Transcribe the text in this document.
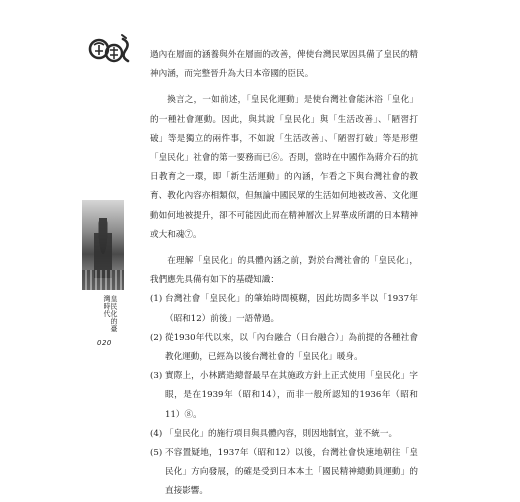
皇民化的臺灣時代
020

過內在層面的涵養與外在層面的改善，俾使台灣民眾因具備了皇民的精神內涵，而完整晉升為大日本帝國的臣民。

換言之，一如前述，「皇民化運動」是使台灣社會能沐浴「皇化」的一種社會運動。因此，與其說「皇民化」與「生活改善」、「陋習打破」等是獨立的兩件事，不如說「生活改善」、「陋習打破」等是形塑「皇民化」社會的第一要務而已⑥。否則，當時在中國作為蔣介石的抗日教育之一環，即「新生活運動」的內涵，乍看之下與台灣社會的教育、教化內容亦相類似，但無論中國民眾的生活如何地被改善、文化運動如何地被提升，卻不可能因此而在精神層次上昇華成所謂的日本精神或大和魂⑦。

在理解「皇民化」的具體內涵之前，對於台灣社會的「皇民化」，我們應先具備有如下的基礎知識：

(1) 台灣社會「皇民化」的肇始時間模糊，因此坊間多半以「1937年（昭和12）前後」一語帶過。
(2) 從1930年代以來，以「內台融合（日台融合）」為前提的各種社會教化運動，已經為以後台灣社會的「皇民化」暖身。
(3) 實際上，小林躋造總督最早在其施政方針上正式使用「皇民化」字眼，是在1939年（昭和14），而非一般所認知的1936年（昭和11）⑧。
(4) 「皇民化」的施行項目與具體內容，則因地制宜，並不統一。
(5) 不容置疑地，1937年（昭和12）以後，台灣社會快速地朝往「皇民化」方向發展，的確是受到日本本土「國民精神總動員運動」的直接影響。
